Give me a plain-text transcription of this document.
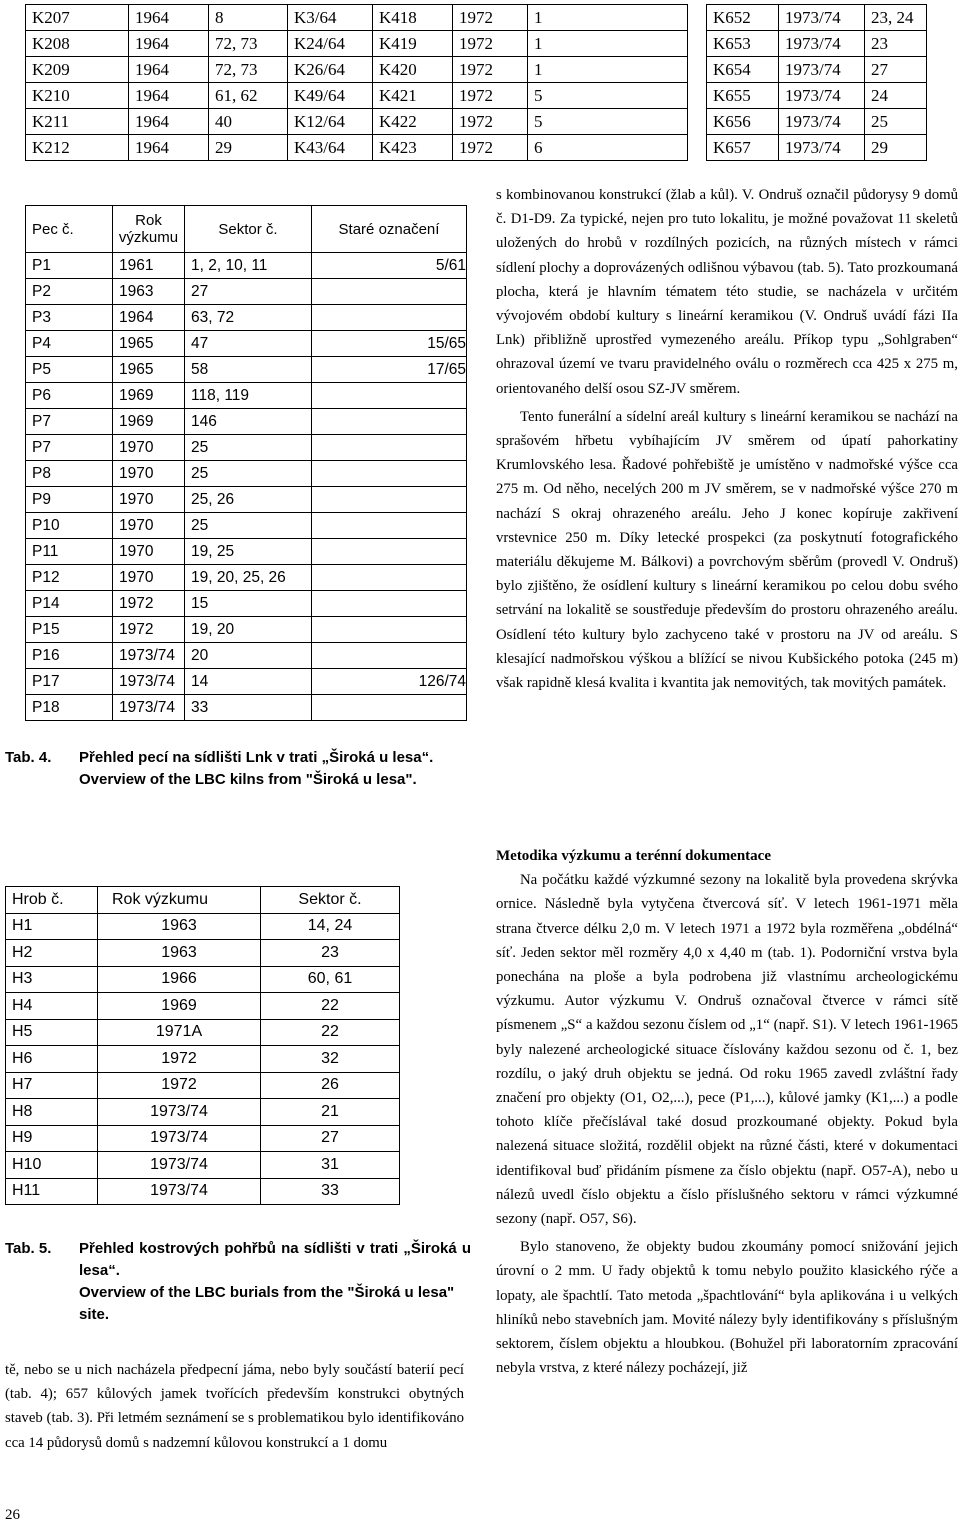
K207	1964	8	K3/64	K418	1972	1
K208	1964	72, 73	K24/64	K419	1972	1
K209	1964	72, 73	K26/64	K420	1972	1
K210	1964	61, 62	K49/64	K421	1972	5
K211	1964	40	K12/64	K422	1972	5
K212	1964	29	K43/64	K423	1972	6
K652	1973/74	23, 24
K653	1973/74	23
K654	1973/74	27
K655	1973/74	24
K656	1973/74	25
K657	1973/74	29
Pec č.	Rok výzkumu	Sektor č.	Staré označení
P1	1961	1, 2, 10, 11	5/61
P2	1963	27	
P3	1964	63, 72	
P4	1965	47	15/65
P5	1965	58	17/65
P6	1969	118, 119	
P7	1969	146	
P7	1970	25	
P8	1970	25	
P9	1970	25, 26	
P10	1970	25	
P11	1970	19, 25	
P12	1970	19, 20, 25, 26	
P14	1972	15	
P15	1972	19, 20	
P16	1973/74	20	
P17	1973/74	14	126/74
P18	1973/74	33	
Tab. 4. Přehled pecí na sídlišti Lnk v trati „Široká u lesa“.
Overview of the LBC kilns from "Široká u lesa".
Hrob č.	Rok výzkumu	Sektor č.
H1	1963	14, 24
H2	1963	23
H3	1966	60, 61
H4	1969	22
H5	1971A	22
H6	1972	32
H7	1972	26
H8	1973/74	21
H9	1973/74	27
H10	1973/74	31
H11	1973/74	33
Tab. 5. Přehled kostrových pohřbů na sídlišti v trati „Široká u lesa“.
Overview of the LBC burials from the "Široká u lesa" site.

tě, nebo se u nich nacházela předpecní jáma, nebo byly součástí baterií pecí (tab. 4); 657 kůlových jamek tvořících především konstrukci obytných staveb (tab. 3). Při letmém seznámení se s problematikou bylo identifikováno cca 14 půdorysů domů s nadzemní kůlovou konstrukcí a 1 domu

s kombinovanou konstrukcí (žlab a kůl). V. Ondruš označil půdorysy 9 domů č. D1-D9. Za typické, nejen pro tuto lokalitu, je možné považovat 11 skeletů uložených do hrobů v rozdílných pozicích, na různých místech v rámci sídlení plochy a doprovázených odlišnou výbavou (tab. 5). Tato prozkoumaná plocha, která je hlavním tématem této studie, se nacházela v určitém vývojovém období kultury s lineární keramikou (V. Ondruš uvádí fázi IIa Lnk) přibližně uprostřed vymezeného areálu. Příkop typu „Sohlgraben“ ohrazoval území ve tvaru pravidelného oválu o rozměrech cca 425 x 275 m, orientovaného delší osou SZ-JV směrem.

Tento funerální a sídelní areál kultury s lineární keramikou se nachází na sprašovém hřbetu vybíhajícím JV směrem od úpatí pahorkatiny Krumlovského lesa. Řadové pohřebiště je umístěno v nadmořské výšce cca 275 m. Od něho, necelých 200 m JV směrem, se v nadmořské výšce 270 m nachází S okraj ohrazeného areálu. Jeho J konec kopíruje zakřivení vrstevnice 250 m. Díky letecké prospekci (za poskytnutí fotografického materiálu děkujeme M. Bálkovi) a povrchovým sběrům (provedl V. Ondruš) bylo zjištěno, že osídlení kultury s lineární keramikou po celou dobu svého setrvání na lokalitě se soustředuje především do prostoru ohrazeného areálu. Osídlení této kultury bylo zachyceno také v prostoru na JV od areálu. S klesající nadmořskou výškou a blížící se nivou Kubšického potoka (245 m) však rapidně klesá kvalita i kvantita jak nemovitých, tak movitých památek.

Metodika výzkumu a terénní dokumentace

Na počátku každé výzkumné sezony na lokalitě byla provedena skrývka ornice. Následně byla vytyčena čtvercová síť. V letech 1961-1971 měla strana čtverce délku 2,0 m. V letech 1971 a 1972 byla rozměřena „obdélná“ síť. Jeden sektor měl rozměry 4,0 x 4,40 m (tab. 1). Podorniční vrstva byla ponechána na ploše a byla podrobena již vlastnímu archeologickému výzkumu. Autor výzkumu V. Ondruš označoval čtverce v rámci sítě písmenem „S“ a každou sezonu číslem od „1“ (např. S1). V letech 1961-1965 byly nalezené archeologické situace číslovány každou sezonu od č. 1, bez rozdílu, o jaký druh objektu se jedná. Od roku 1965 zavedl zvláštní řady značení pro objekty (O1, O2,...), pece (P1,...), kůlové jamky (K1,...) a podle tohoto klíče přečíslával také dosud prozkoumané objekty. Pokud byla nalezená situace složitá, rozdělil objekt na různé části, které v dokumentaci identifikoval buď přidáním písmene za číslo objektu (např. O57-A), nebo u nálezů uvedl číslo objektu a číslo příslušného sektoru v rámci výzkumné sezony (např. O57, S6).

Bylo stanoveno, že objekty budou zkoumány pomocí snižování jejich úrovní o 2 mm. U řady objektů k tomu nebylo použito klasického rýče a lopaty, ale špachtlí. Tato metoda „špachtlování“ byla aplikována i u velkých hliníků nebo stavebních jam. Movité nálezy byly identifikovány s příslušným sektorem, číslem objektu a hloubkou. (Bohužel při laboratorním zpracování nebyla vrstva, z které nálezy pocházejí, již

26
